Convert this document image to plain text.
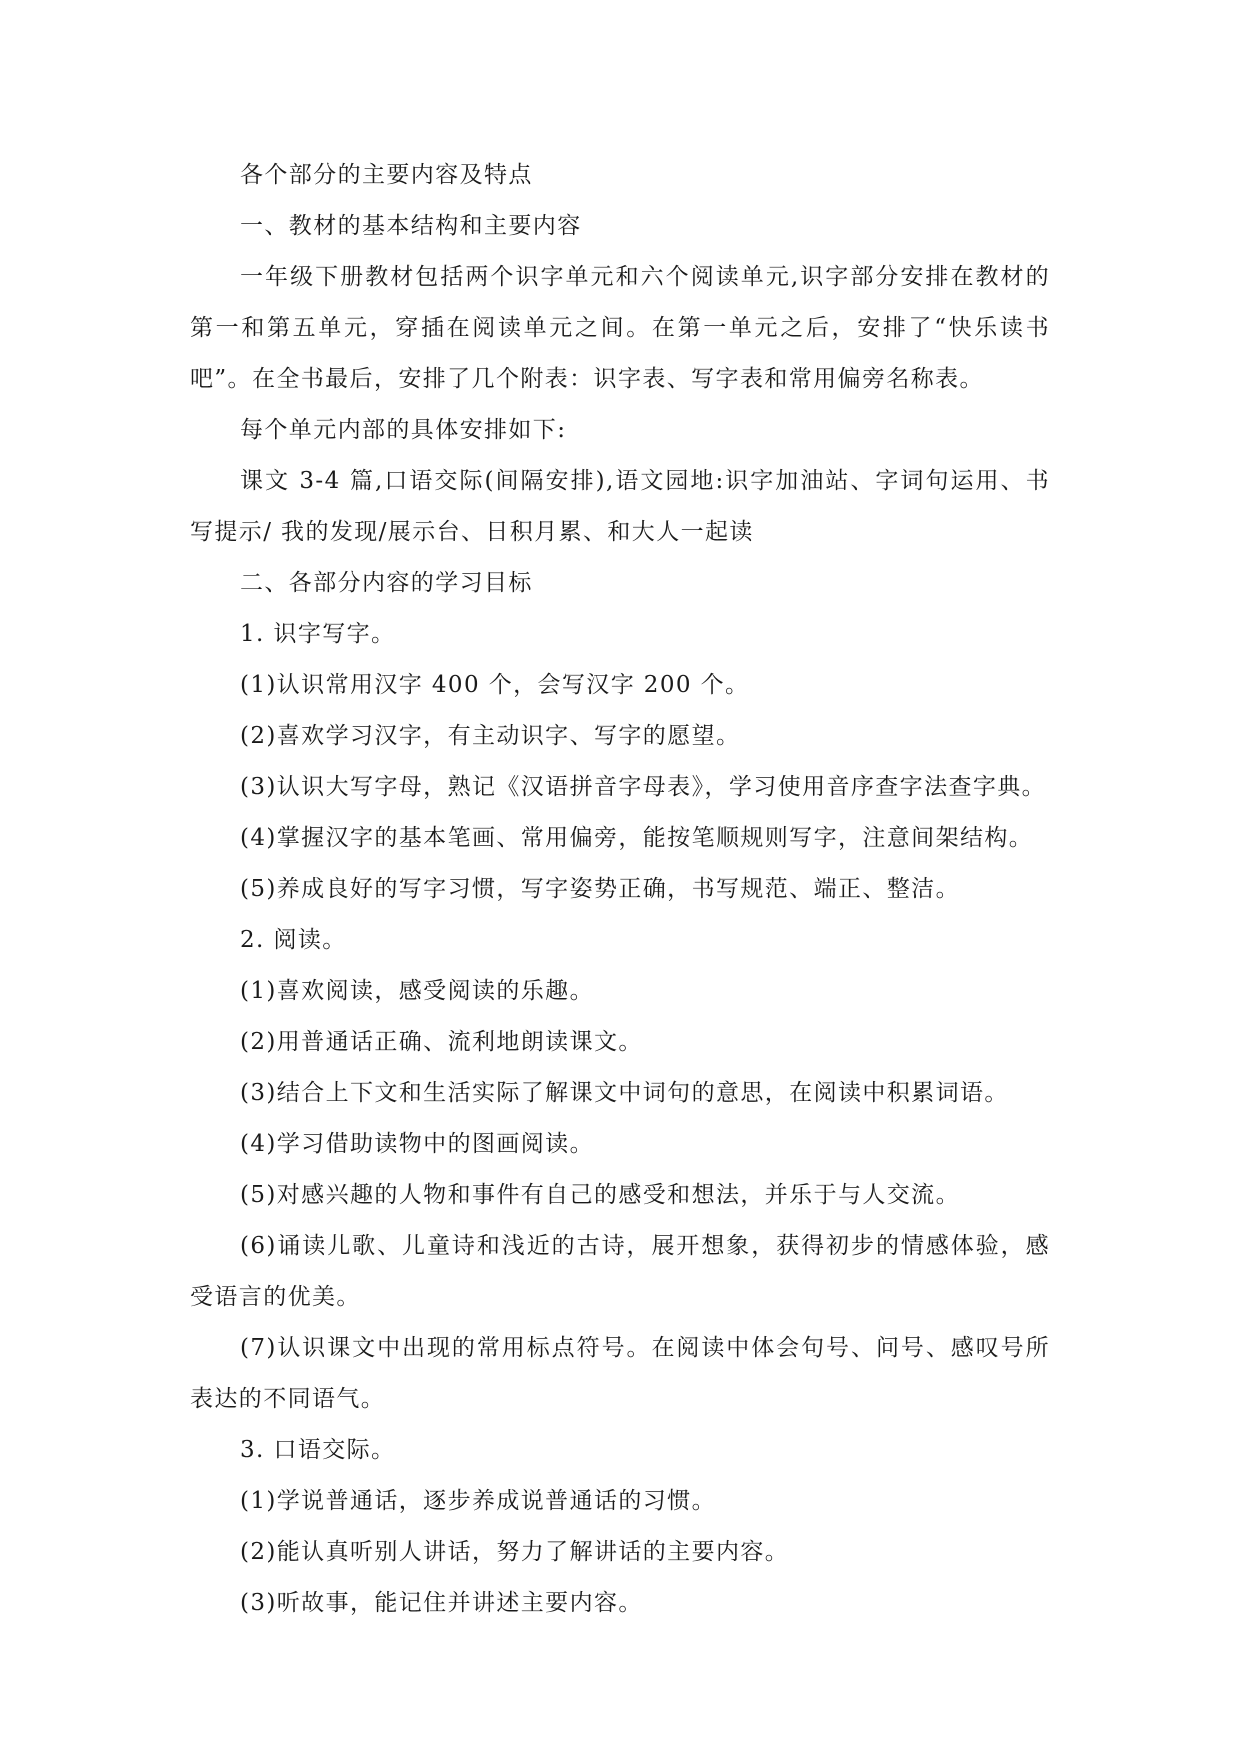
各个部分的主要内容及特点

一、教材的基本结构和主要内容

一年级下册教材包括两个识字单元和六个阅读单元,识字部分安排在教材的第一和第五单元，穿插在阅读单元之间。在第一单元之后，安排了“快乐读书吧”。在全书最后，安排了几个附表：识字表、写字表和常用偏旁名称表。

每个单元内部的具体安排如下:

课文 3-4 篇,口语交际(间隔安排),语文园地:识字加油站、字词句运用、书写提示/ 我的发现/展示台、日积月累、和大人一起读

二、各部分内容的学习目标

1. 识字写字。

(1)认识常用汉字 400 个，会写汉字 200 个。

(2)喜欢学习汉字，有主动识字、写字的愿望。

(3)认识大写字母，熟记《汉语拼音字母表》，学习使用音序查字法查字典。

(4)掌握汉字的基本笔画、常用偏旁，能按笔顺规则写字，注意间架结构。

(5)养成良好的写字习惯，写字姿势正确，书写规范、端正、整洁。

2. 阅读。

(1)喜欢阅读，感受阅读的乐趣。

(2)用普通话正确、流利地朗读课文。

(3)结合上下文和生活实际了解课文中词句的意思，在阅读中积累词语。

(4)学习借助读物中的图画阅读。

(5)对感兴趣的人物和事件有自己的感受和想法，并乐于与人交流。

(6)诵读儿歌、儿童诗和浅近的古诗，展开想象，获得初步的情感体验，感受语言的优美。

(7)认识课文中出现的常用标点符号。在阅读中体会句号、问号、感叹号所表达的不同语气。

3. 口语交际。

(1)学说普通话，逐步养成说普通话的习惯。

(2)能认真听别人讲话，努力了解讲话的主要内容。

(3)听故事，能记住并讲述主要内容。
